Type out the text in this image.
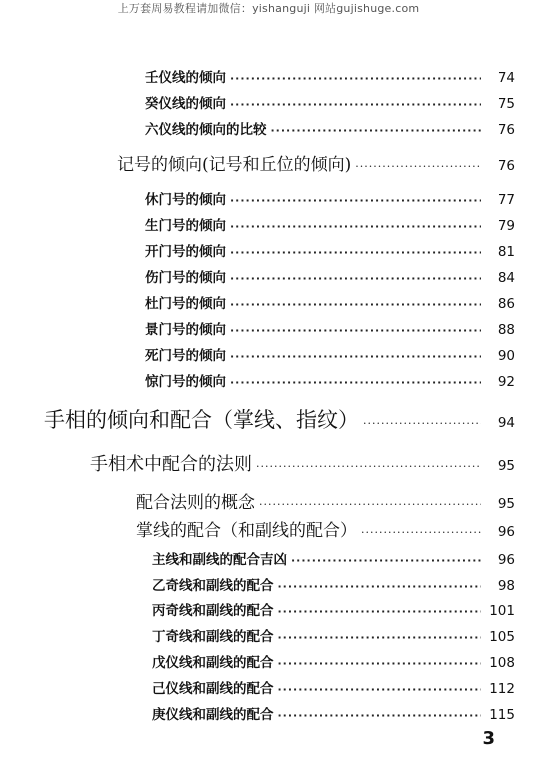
上万套周易教程请加微信：yishanguji 网站gujishuge.com
壬仪线的倾向 ·····	74
癸仪线的倾向 ·····	75
六仪线的倾向的比较 ·····	76
记号的倾向(记号和丘位的倾向) ·····	76
休门号的倾向 ·····	77
生门号的倾向 ·····	79
开门号的倾向 ·····	81
伤门号的倾向 ·····	84
杜门号的倾向 ·····	86
景门号的倾向 ·····	88
死门号的倾向 ·····	90
惊门号的倾向 ·····	92
手相的倾向和配合（掌线、指纹） ·····	94
手相术中配合的法则 ·····	95
配合法则的概念 ·····	95
掌线的配合（和副线的配合） ·····	96
主线和副线的配合吉凶 ·····	96
乙奇线和副线的配合 ·····	98
丙奇线和副线的配合 ·····	101
丁奇线和副线的配合 ·····	105
戊仪线和副线的配合 ·····	108
己仪线和副线的配合 ·····	112
庚仪线和副线的配合 ·····	115
3
